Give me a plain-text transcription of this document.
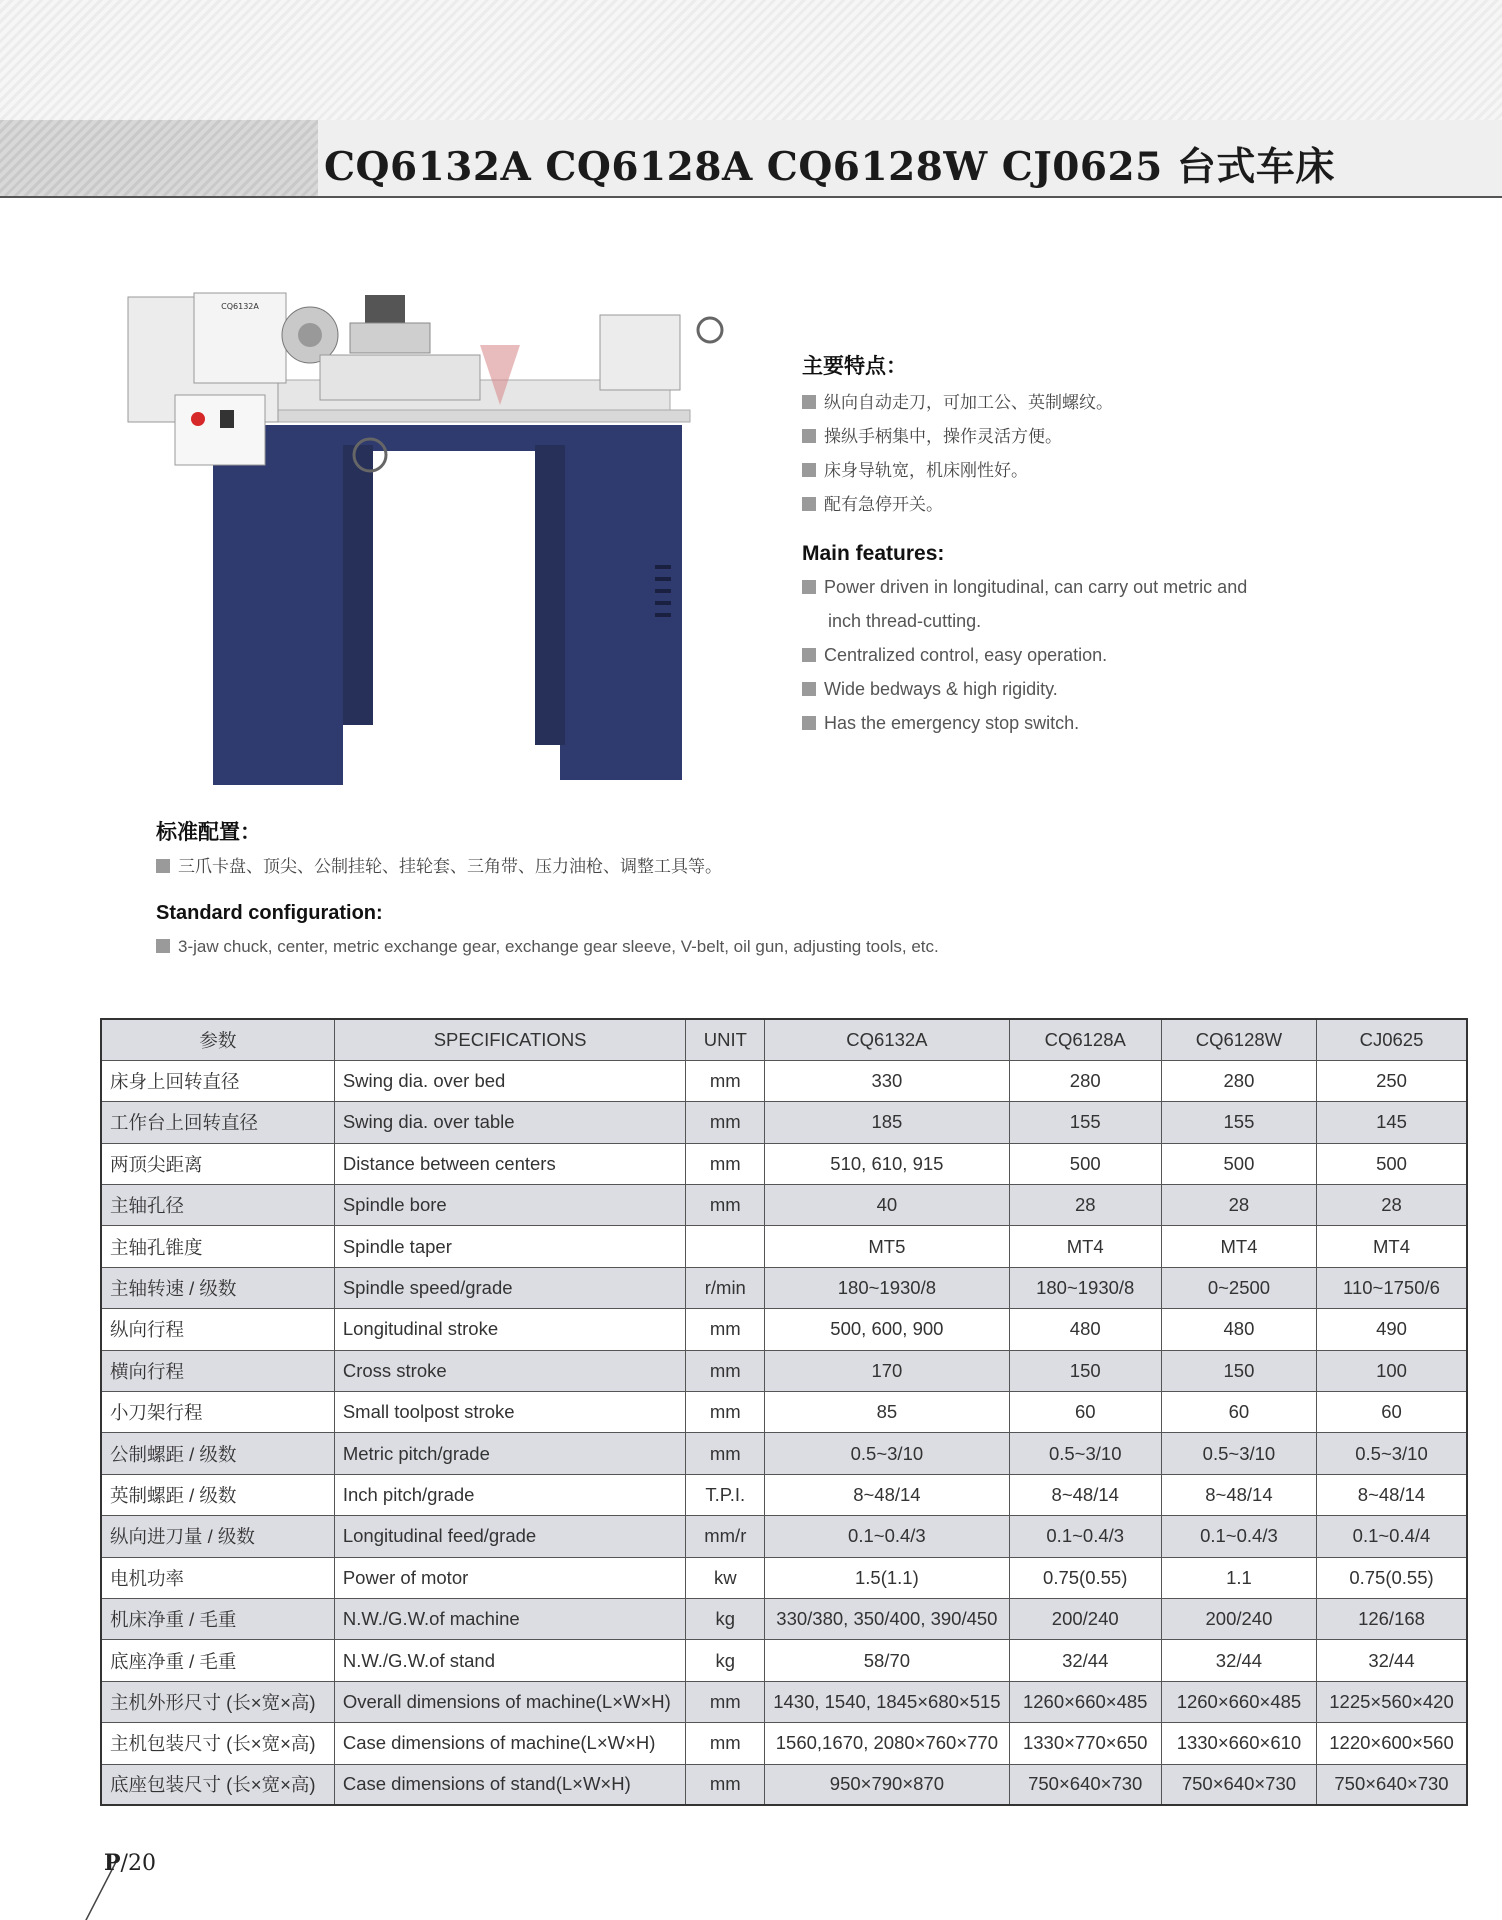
CQ6132A CQ6128A CQ6128W CJ0625 台式车床
CQ6132A
主要特点：
纵向自动走刀，可加工公、英制螺纹。
操纵手柄集中，操作灵活方便。
床身导轨宽，机床刚性好。
配有急停开关。
Main features:
Power driven in longitudinal, can carry out metric and
inch thread-cutting.
Centralized control, easy operation.
Wide bedways & high rigidity.
Has the emergency stop switch.
标准配置：

三爪卡盘、顶尖、公制挂轮、挂轮套、三角带、压力油枪、调整工具等。

Standard configuration:

3-jaw chuck, center, metric exchange gear, exchange gear sleeve, V-belt, oil gun, adjusting tools, etc.

参数	SPECIFICATIONS	UNIT	CQ6132A	CQ6128A	CQ6128W	CJ0625
床身上回转直径	Swing dia. over bed	mm	330	280	280	250
工作台上回转直径	Swing dia. over table	mm	185	155	155	145
两顶尖距离	Distance between centers	mm	510, 610, 915	500	500	500
主轴孔径	Spindle bore	mm	40	28	28	28
主轴孔锥度	Spindle taper		MT5	MT4	MT4	MT4
主轴转速 / 级数	Spindle speed/grade	r/min	180~1930/8	180~1930/8	0~2500	110~1750/6
纵向行程	Longitudinal stroke	mm	500, 600, 900	480	480	490
横向行程	Cross stroke	mm	170	150	150	100
小刀架行程	Small toolpost stroke	mm	85	60	60	60
公制螺距 / 级数	Metric pitch/grade	mm	0.5~3/10	0.5~3/10	0.5~3/10	0.5~3/10
英制螺距 / 级数	Inch pitch/grade	T.P.I.	8~48/14	8~48/14	8~48/14	8~48/14
纵向进刀量 / 级数	Longitudinal feed/grade	mm/r	0.1~0.4/3	0.1~0.4/3	0.1~0.4/3	0.1~0.4/4
电机功率	Power of motor	kw	1.5(1.1)	0.75(0.55)	1.1	0.75(0.55)
机床净重 / 毛重	N.W./G.W.of machine	kg	330/380, 350/400, 390/450	200/240	200/240	126/168
底座净重 / 毛重	N.W./G.W.of stand	kg	58/70	32/44	32/44	32/44
主机外形尺寸 (长×宽×高)	Overall dimensions of machine(L×W×H)	mm	1430, 1540, 1845×680×515	1260×660×485	1260×660×485	1225×560×420
主机包装尺寸 (长×宽×高)	Case dimensions of machine(L×W×H)	mm	1560,1670, 2080×760×770	1330×770×650	1330×660×610	1220×600×560
底座包装尺寸 (长×宽×高)	Case dimensions of stand(L×W×H)	mm	950×790×870	750×640×730	750×640×730	750×640×730
P/20
